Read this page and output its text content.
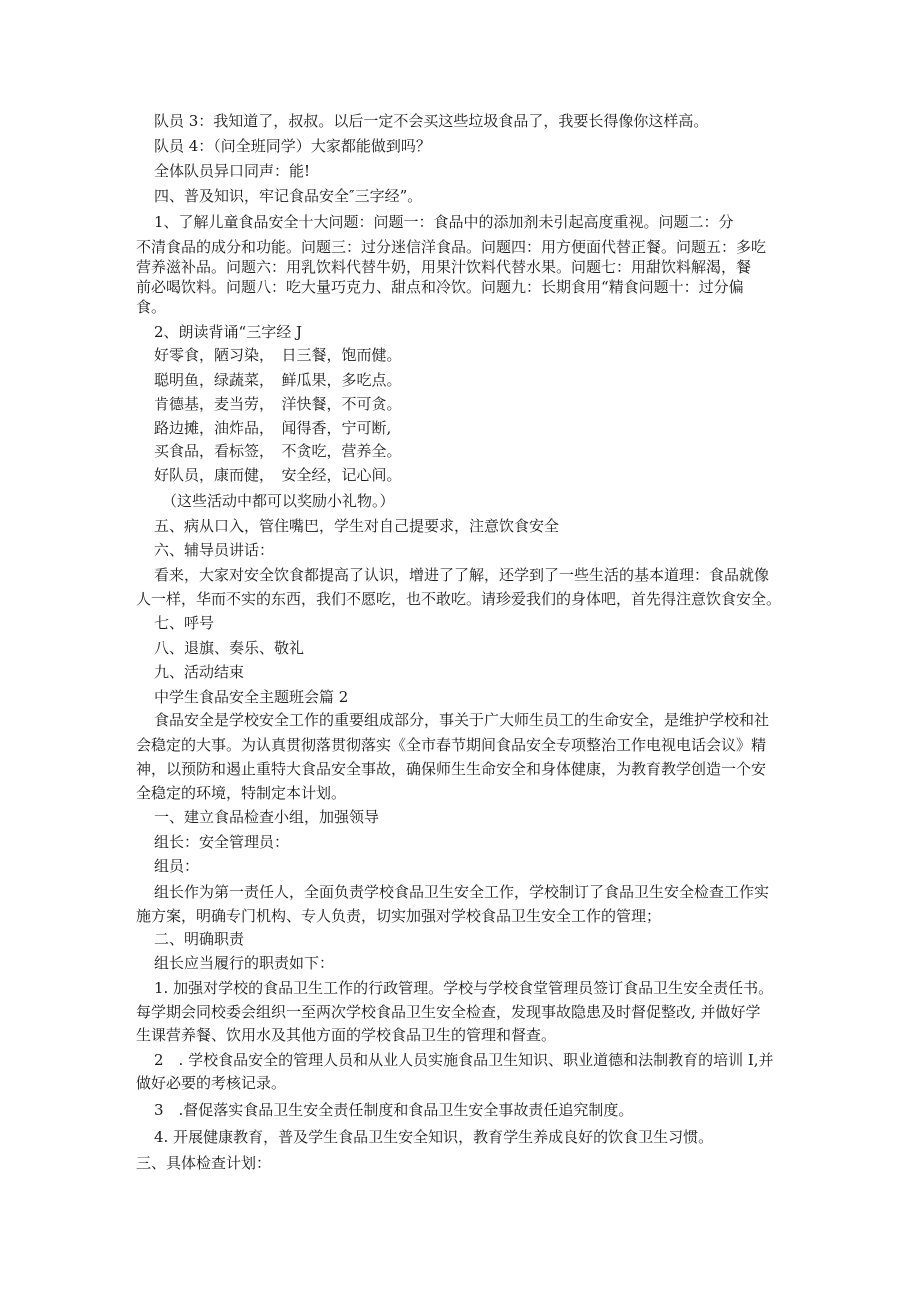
队员 3：我知道了，叔叔。以后一定不会买这些垃圾食品了，我要长得像你这样高。
队员 4：（问全班同学）大家都能做到吗？
全体队员异口同声：能!
四、普及知识，牢记食品安全″三字经”。
1、了解儿童食品安全十大问题：问题一：食品中的添加剂未引起高度重视。问题二：分
不清食品的成分和功能。问题三：过分迷信洋食品。问题四：用方便面代替正餐。问题五：多吃
营养滋补品。问题六：用乳饮料代替牛奶，用果汁饮料代替水果。问题七：用甜饮料解渴，餐
前必喝饮料。问题八：吃大量巧克力、甜点和冷饮。问题九：长期食用“精食问题十：过分偏
食。
2、朗读背诵“三字经 J
好零食，陋习染，　日三餐，饱而健。
聪明鱼，绿蔬菜，　鲜瓜果，多吃点。
肯德基，麦当劳，　洋快餐，不可贪。
路边摊，油炸品，　闻得香，宁可断,
买食品，看标签，　不贪吃，营养全。
好队员，康而健，　安全经，记心间。
（这些活动中都可以奖励小礼物。）
五、病从口入，管住嘴巴，学生对自己提要求，注意饮食安全
六、辅导员讲话：
看来，大家对安全饮食都提高了认识，增进了了解，还学到了一些生活的基本道理：食品就像
人一样，华而不实的东西，我们不愿吃，也不敢吃。请珍爱我们的身体吧，首先得注意饮食安全。
七、呼号
八、退旗、奏乐、敬礼
九、活动结束
中学生食品安全主题班会篇 2
食品安全是学校安全工作的重要组成部分，事关于广大师生员工的生命安全，是维护学校和社
会稳定的大事。为认真贯彻落贯彻落实《全市春节期间食品安全专项整治工作电视电话会议》精
神，以预防和遏止重特大食品安全事故，确保师生生命安全和身体健康，为教育教学创造一个安
全稳定的环境，特制定本计划。
一、建立食品检查小组，加强领导
组长：安全管理员：
组员：
组长作为第一责任人，全面负责学校食品卫生安全工作，学校制订了食品卫生安全检查工作实
施方案，明确专门机构、专人负责，切实加强对学校食品卫生安全工作的管理；
二、明确职责
组长应当履行的职责如下：
1. 加强对学校的食品卫生工作的行政管理。学校与学校食堂管理员签订食品卫生安全责任书。
每学期会同校委会组织一至两次学校食品卫生安全检查，发现事故隐患及时督促整改, 并做好学
生课营养餐、饮用水及其他方面的学校食品卫生的管理和督查。
2　. 学校食品安全的管理人员和从业人员实施食品卫生知识、职业道德和法制教育的培训 I,并
做好必要的考核记录。
3　.督促落实食品卫生安全责任制度和食品卫生安全事故责任追究制度。
4. 开展健康教育，普及学生食品卫生安全知识，教育学生养成良好的饮食卫生习惯。
三、具体检查计划：
